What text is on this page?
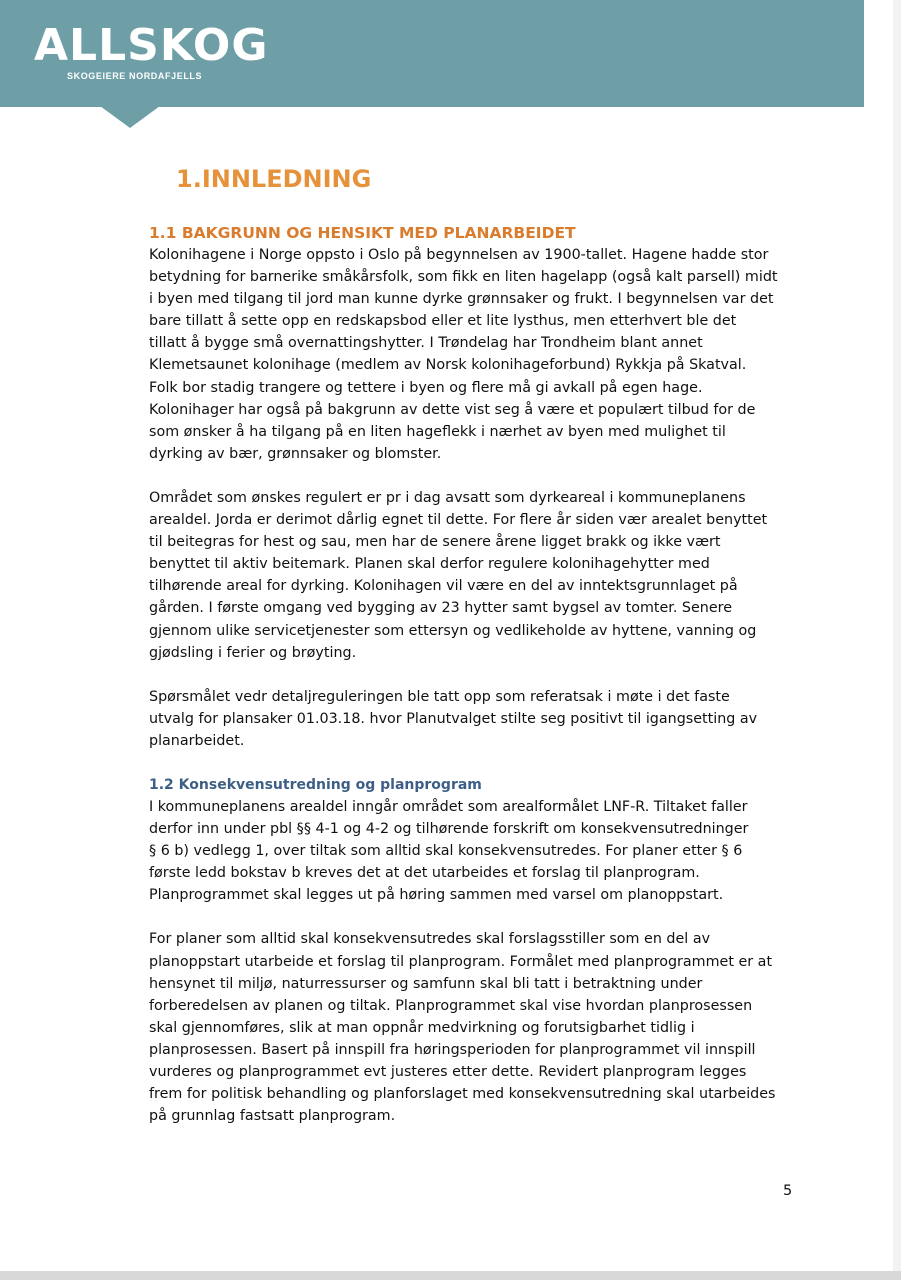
ALLSKOG
SKOGEIERE NORDAFJELLS
1.INNLEDNING
1.1 BAKGRUNN OG HENSIKT MED PLANARBEIDET
Kolonihagene i Norge oppsto i Oslo på begynnelsen av 1900-tallet. Hagene hadde stor
betydning for barnerike småkårsfolk, som fikk en liten hagelapp (også kalt parsell) midt
i byen med tilgang til jord man kunne dyrke grønnsaker og frukt. I begynnelsen var det
bare tillatt å sette opp en redskapsbod eller et lite lysthus, men etterhvert ble det
tillatt å bygge små overnattingshytter. I Trøndelag har Trondheim blant annet
Klemetsaunet kolonihage (medlem av Norsk kolonihageforbund) Rykkja på Skatval.
Folk bor stadig trangere og tettere i byen og flere må gi avkall på egen hage.
Kolonihager har også på bakgrunn av dette vist seg å være et populært tilbud for de
som ønsker å ha tilgang på en liten hageflekk i nærhet av byen med mulighet til
dyrking av bær, grønnsaker og blomster.
Området som ønskes regulert er pr i dag avsatt som dyrkeareal i kommuneplanens
arealdel. Jorda er derimot dårlig egnet til dette. For flere år siden vær arealet benyttet
til beitegras for hest og sau, men har de senere årene ligget brakk og ikke vært
benyttet til aktiv beitemark. Planen skal derfor regulere kolonihagehytter med
tilhørende areal for dyrking. Kolonihagen vil være en del av inntektsgrunnlaget på
gården. I første omgang ved bygging av 23 hytter samt bygsel av tomter. Senere
gjennom ulike servicetjenester som ettersyn og vedlikeholde av hyttene, vanning og
gjødsling i ferier og brøyting.
Spørsmålet vedr detaljreguleringen ble tatt opp som referatsak i møte i det faste
utvalg for plansaker 01.03.18. hvor Planutvalget stilte seg positivt til igangsetting av
planarbeidet.
1.2 Konsekvensutredning og planprogram
I kommuneplanens arealdel inngår området som arealformålet LNF-R. Tiltaket faller
derfor inn under pbl §§ 4-1 og 4-2 og tilhørende forskrift om konsekvensutredninger
§ 6 b) vedlegg 1, over tiltak som alltid skal konsekvensutredes. For planer etter § 6
første ledd bokstav b kreves det at det utarbeides et forslag til planprogram.
Planprogrammet skal legges ut på høring sammen med varsel om planoppstart.
For planer som alltid skal konsekvensutredes skal forslagsstiller som en del av
planoppstart utarbeide et forslag til planprogram. Formålet med planprogrammet er at
hensynet til miljø, naturressurser og samfunn skal bli tatt i betraktning under
forberedelsen av planen og tiltak. Planprogrammet skal vise hvordan planprosessen
skal gjennomføres, slik at man oppnår medvirkning og forutsigbarhet tidlig i
planprosessen. Basert på innspill fra høringsperioden for planprogrammet vil innspill
vurderes og planprogrammet evt justeres etter dette. Revidert planprogram legges
frem for politisk behandling og planforslaget med konsekvensutredning skal utarbeides
på grunnlag fastsatt planprogram.
5
